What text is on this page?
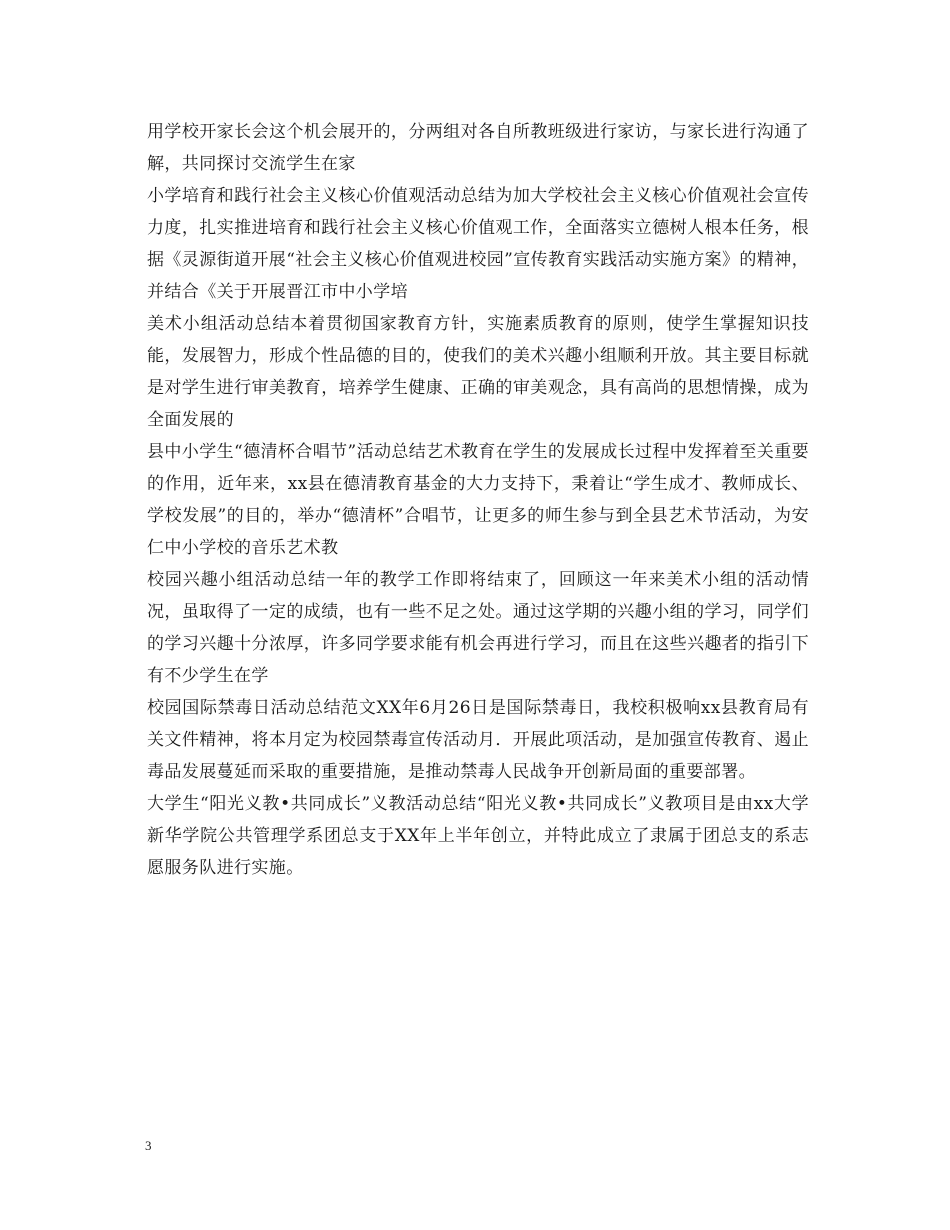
用学校开家长会这个机会展开的，分两组对各自所教班级进行家访，与家长进行沟通了解，共同探讨交流学生在家

小学培育和践行社会主义核心价值观活动总结为加大学校社会主义核心价值观社会宣传力度，扎实推进培育和践行社会主义核心价值观工作，全面落实立德树人根本任务，根据《灵源街道开展“社会主义核心价值观进校园”宣传教育实践活动实施方案》的精神，并结合《关于开展晋江市中小学培

美术小组活动总结本着贯彻国家教育方针，实施素质教育的原则，使学生掌握知识技能，发展智力，形成个性品德的目的，使我们的美术兴趣小组顺利开放。其主要目标就是对学生进行审美教育，培养学生健康、正确的审美观念，具有高尚的思想情操，成为全面发展的

县中小学生“德清杯合唱节”活动总结艺术教育在学生的发展成长过程中发挥着至关重要的作用，近年来，xx县在德清教育基金的大力支持下，秉着让“学生成才、教师成长、学校发展”的目的，举办“德清杯”合唱节，让更多的师生参与到全县艺术节活动，为安仁中小学校的音乐艺术教

校园兴趣小组活动总结一年的教学工作即将结束了，回顾这一年来美术小组的活动情况，虽取得了一定的成绩，也有一些不足之处。通过这学期的兴趣小组的学习，同学们的学习兴趣十分浓厚，许多同学要求能有机会再进行学习，而且在这些兴趣者的指引下有不少学生在学

校园国际禁毒日活动总结范文XX年6月26日是国际禁毒日，我校积极响xx县教育局有关文件精神，将本月定为校园禁毒宣传活动月．开展此项活动，是加强宣传教育、遏止毒品发展蔓延而采取的重要措施，是推动禁毒人民战争开创新局面的重要部署。

大学生“阳光义教•共同成长”义教活动总结“阳光义教•共同成长”义教项目是由xx大学新华学院公共管理学系团总支于XX年上半年创立，并特此成立了隶属于团总支的系志愿服务队进行实施。

3
